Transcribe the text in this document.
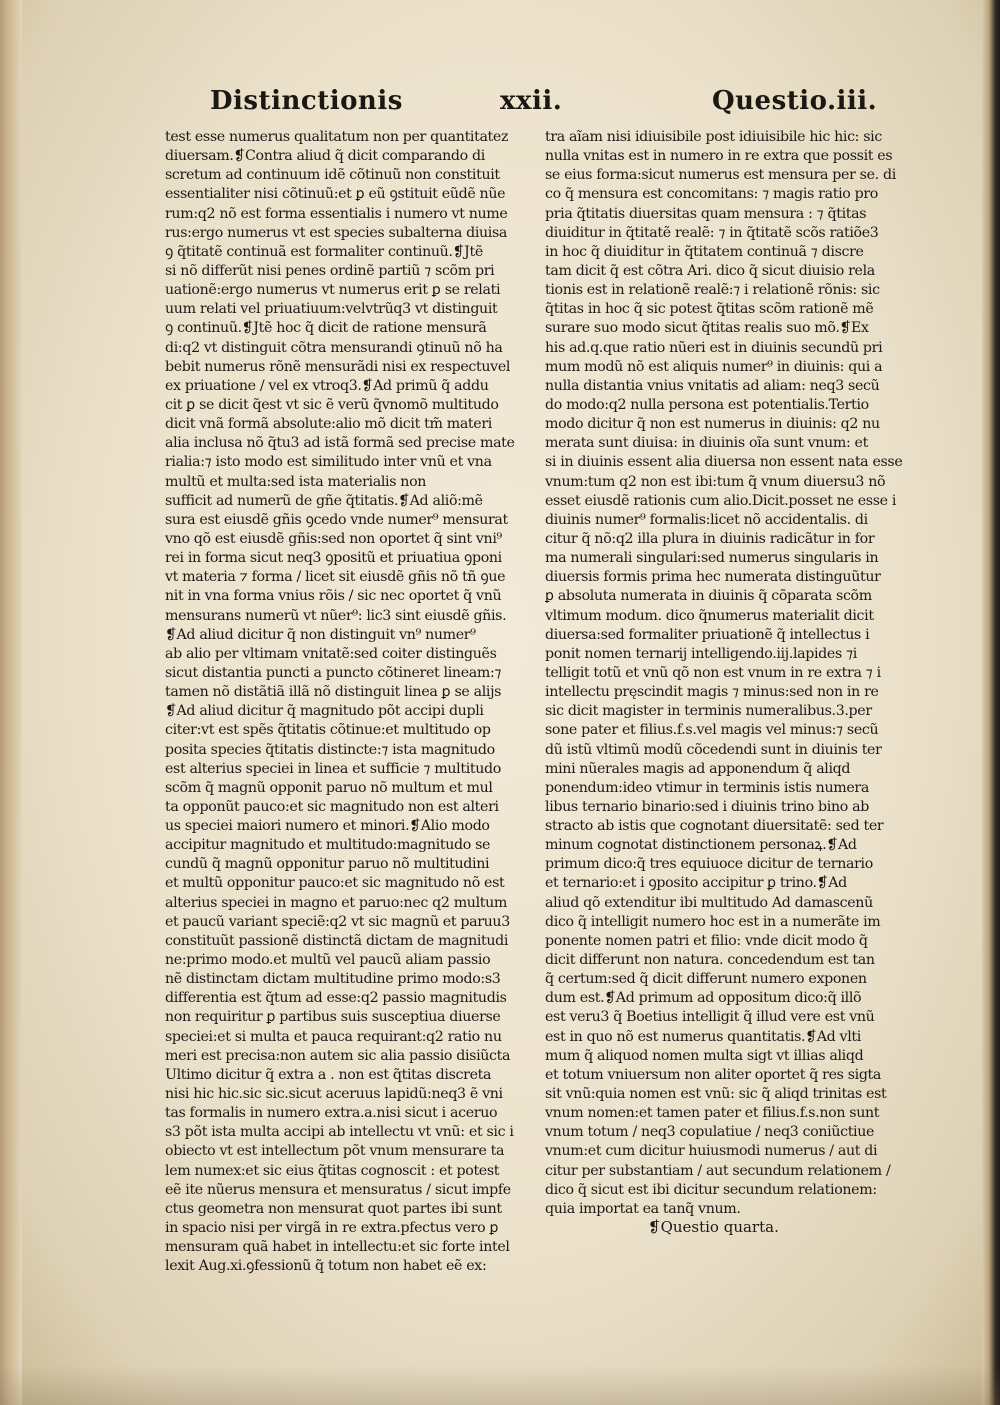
Distinctionis	xxii.	Questio.iii.
test esse numerus qualitatum non per quantitatez
diuersam.❡Contra aliud q̃ dicit comparando di
scretum ad continuum idẽ cõtinuũ non constituit
essentialiter nisi cõtinuũ:et ꝑ eũ ꝯstituit eũdẽ nũe
rum:q2 nõ est forma essentialis i numero vt nume
rus:ergo numerus vt est species subalterna diuisa
ꝯ q̃titatẽ continuã est formaliter continuũ.❡Jtẽ
si nõ differũt nisi penes ordinẽ partiũ ⁊ scõm pri
uationẽ:ergo numerus vt numerus erit ꝑ se relati
uum relati vel priuatiuum:velvtrũq3 vt distinguit
ꝯ continuũ.❡Jtẽ hoc q̃ dicit de ratione mensurã
di:q2 vt distinguit cõtra mensurandi ꝯtinuũ nõ ha
bebit numerus rõnẽ mensurãdi nisi ex respectuvel
ex priuatione / vel ex vtroq3.❡Ad primũ q̃ addu
cit ꝑ se dicit q̃est vt sic ẽ verũ q̃vnomõ multitudo
dicit vnã formã absolute:alio mõ dicit tm̃ materi
alia inclusa nõ q̃tu3 ad istã formã sed precise mate
rialia:⁊ isto modo est similitudo inter vnũ et vna
multũ et multa:sed ista materialis non
sufficit ad numerũ de gñe q̃titatis.❡Ad aliõ:mẽ
sura est eiusdẽ gñis ꝯcedo vnde numer⁹ mensurat
vno qõ est eiusdẽ gñis:sed non oportet q̃ sint vni⁹
rei in forma sicut neq3 ꝯpositũ et priuatiua ꝯponi
vt materia ⁊ forma / licet sit eiusdẽ gñis nõ tñ ꝯue
nit in vna forma vnius rõis / sic nec oportet q̃ vnũ
mensurans numerũ vt nũer⁹: lic3 sint eiusdẽ gñis.
❡Ad aliud dicitur q̃ non distinguit vn⁹ numer⁹
ab alio per vltimam vnitatẽ:sed coiter distinguẽs
sicut distantia puncti a puncto cõtineret lineam:⁊
tamen nõ distãtiã illã nõ distinguit linea ꝑ se alijs
❡Ad aliud dicitur q̃ magnitudo põt accipi dupli
citer:vt est spẽs q̃titatis cõtinue:et multitudo op
posita species q̃titatis distincte:⁊ ista magnitudo
est alterius speciei in linea et sufficie ⁊ multitudo
scõm q̃ magnũ opponit paruo nõ multum et mul
ta opponũt pauco:et sic magnitudo non est alteri
us speciei maiori numero et minori.❡Alio modo
accipitur magnitudo et multitudo:magnitudo se
cundũ q̃ magnũ opponitur paruo nõ multitudini
et multũ opponitur pauco:et sic magnitudo nõ est
alterius speciei in magno et paruo:nec q2 multum
et paucũ variant speciẽ:q2 vt sic magnũ et paruu3
constituũt passionẽ distinctã dictam de magnitudi
ne:primo modo.et multũ vel paucũ aliam passio
nẽ distinctam dictam multitudine primo modo:s3
differentia est q̃tum ad esse:q2 passio magnitudis
non requiritur ꝑ partibus suis susceptiua diuerse
speciei:et si multa et pauca requirant:q2 ratio nu
meri est precisa:non autem sic alia passio disiũcta
Ultimo dicitur q̃ extra a . non est q̃titas discreta
nisi hic hic.sic sic.sicut aceruus lapidũ:neq3 ẽ vni
tas formalis in numero extra.a.nisi sicut i aceruo
s3 põt ista multa accipi ab intellectu vt vnũ: et sic i
obiecto vt est intellectum põt vnum mensurare ta
lem numex:et sic eius q̃titas cognoscit : et potest
eẽ ite nũerus mensura et mensuratus / sicut impfe
ctus geometra non mensurat quot partes ibi sunt
in spacio nisi per virgã in re extra.pfectus vero ꝑ
mensuram quã habet in intellectu:et sic forte intel
lexit Aug.xi.ꝯfessionũ q̃ totum non habet eẽ ex:
tra aĩam nisi idiuisibile post idiuisibile hic hic: sic
nulla vnitas est in numero in re extra que possit es
se eius forma:sicut numerus est mensura per se. di
co q̃ mensura est concomitans: ⁊ magis ratio pro
pria q̃titatis diuersitas quam mensura : ⁊ q̃titas
diuiditur in q̃titatẽ realẽ: ⁊ in q̃titatẽ scõs ratiõe3
in hoc q̃ diuiditur in q̃titatem continuã ⁊ discre
tam dicit q̃ est cõtra Ari. dico q̃ sicut diuisio rela
tionis est in relationẽ realẽ:⁊ i relationẽ rõnis: sic
q̃titas in hoc q̃ sic potest q̃titas scõm rationẽ mẽ
surare suo modo sicut q̃titas realis suo mõ.❡Ex
his ad.q.que ratio nũeri est in diuinis secundũ pri
mum modũ nõ est aliquis numer⁹ in diuinis: qui a
nulla distantia vnius vnitatis ad aliam: neq3 secũ
do modo:q2 nulla persona est potentialis.Tertio
modo dicitur q̃ non est numerus in diuinis: q2 nu
merata sunt diuisa: in diuinis oĩa sunt vnum: et
si in diuinis essent alia diuersa non essent nata esse
vnum:tum q2 non est ibi:tum q̃ vnum diuersu3 nõ
esset eiusdẽ rationis cum alio.Dicit.posset ne esse i
diuinis numer⁹ formalis:licet nõ accidentalis. di
citur q̃ nõ:q2 illa plura in diuinis radicãtur in for
ma numerali singulari:sed numerus singularis in
diuersis formis prima hec numerata distinguũtur
ꝑ absoluta numerata in diuinis q̃ cõparata scõm
vltimum modum. dico q̃numerus materialit dicit
diuersa:sed formaliter priuationẽ q̃ intellectus i
ponit nomen ternarij intelligendo.iij.lapides ⁊i
telligit totũ et vnũ qõ non est vnum in re extra ⁊ i
intellectu pręscindit magis ⁊ minus:sed non in re
sic dicit magister in terminis numeralibus.3.per
sone pater et filius.f.s.vel magis vel minus:⁊ secũ
dũ istũ vltimũ modũ cõcedendi sunt in diuinis ter
mini nũerales magis ad apponendum q̃ aliqd
ponendum:ideo vtimur in terminis istis numera
libus ternario binario:sed i diuinis trino bino ab
stracto ab istis que cognotant diuersitatẽ: sed ter
minum cognotat distinctionem personaꝝ.❡Ad
primum dico:q̃ tres equiuoce dicitur de ternario
et ternario:et i ꝯposito accipitur ꝑ trino.❡Ad
aliud qõ extenditur ibi multitudo Ad damascenũ
dico q̃ intelligit numero hoc est in a numerãte im
ponente nomen patri et filio: vnde dicit modo q̃
dicit differunt non natura. concedendum est tan
q̃ certum:sed q̃ dicit differunt numero exponen
dum est.❡Ad primum ad oppositum dico:q̃ illõ
est veru3 q̃ Boetius intelligit q̃ illud vere est vnũ
est in quo nõ est numerus quantitatis.❡Ad vlti
mum q̃ aliquod nomen multa sigt vt illias aliqd
et totum vniuersum non aliter oportet q̃ res sigta
sit vnũ:quia nomen est vnũ: sic q̃ aliqd trinitas est
vnum nomen:et tamen pater et filius.f.s.non sunt
vnum totum / neq3 copulatiue / neq3 coniũctiue
vnum:et cum dicitur huiusmodi numerus / aut di
citur per substantiam / aut secundum relationem /
dico q̃ sicut est ibi dicitur secundum relationem:
quia importat ea tanq̃ vnum.
❡Questio quarta.
